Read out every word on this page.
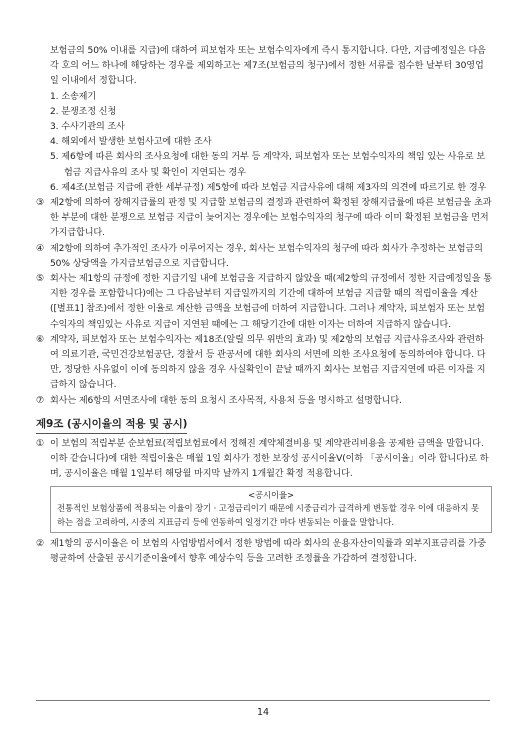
보험금의 50% 이내를 지급)에 대하여 피보험자 또는 보험수익자에게 즉시 통지합니다. 다만, 지급예정일은 다음 각 호의 어느 하나에 해당하는 경우를 제외하고는 제7조(보험금의 청구)에서 정한 서류를 접수한 날부터 30영업일 이내에서 정합니다.

1. 소송제기
2. 분쟁조정 신청
3. 수사기관의 조사
4. 해외에서 발생한 보험사고에 대한 조사
5. 제6항에 따른 회사의 조사요청에 대한 동의 거부 등 계약자, 피보험자 또는 보험수익자의 책임 있는 사유로 보험금 지급사유의 조사 및 확인이 지연되는 경우
6. 제4조(보험금 지급에 관한 세부규정) 제5항에 따라 보험금 지급사유에 대해 제3자의 의견에 따르기로 한 경우
③ 제2항에 의하여 장해지급률의 판정 및 지급할 보험금의 결정과 관련하여 확정된 장해지급률에 따른 보험금을 초과한 부분에 대한 분쟁으로 보험금 지급이 늦어지는 경우에는 보험수익자의 청구에 따라 이미 확정된 보험금을 먼저 가지급합니다.
④ 제2항에 의하여 추가적인 조사가 이루어지는 경우, 회사는 보험수익자의 청구에 따라 회사가 추정하는 보험금의 50% 상당액을 가지급보험금으로 지급합니다.
⑤ 회사는 제1항의 규정에 정한 지급기일 내에 보험금을 지급하지 않았을 때(제2항의 규정에서 정한 지급예정일을 통지한 경우를 포함합니다)에는 그 다음날부터 지급일까지의 기간에 대하여 보험금 지급할 때의 적립이율을 계산([별표1] 참조)에서 정한 이율로 계산한 금액을 보험금에 더하여 지급합니다. 그러나 계약자, 피보험자 또는 보험수익자의 책임있는 사유로 지급이 지연된 때에는 그 해당기간에 대한 이자는 더하여 지급하지 않습니다.
⑥ 계약자, 피보험자 또는 보험수익자는 제18조(알릴 의무 위반의 효과) 및 제2항의 보험금 지급사유조사와 관련하여 의료기관, 국민건강보험공단, 경찰서 등 관공서에 대한 회사의 서면에 의한 조사요청에 동의하여야 합니다. 다만, 정당한 사유없이 이에 동의하지 않을 경우 사실확인이 끝날 때까지 회사는 보험금 지급지연에 따른 이자를 지급하지 않습니다.
⑦ 회사는 제6항의 서면조사에 대한 동의 요청시 조사목적, 사용처 등을 명시하고 설명합니다.
제9조 (공시이율의 적용 및 공시)
① 이 보험의 적립부분 순보험료(적립보험료에서 정해진 계약체결비용 및 계약관리비용을 공제한 금액을 말합니다. 이하 같습니다)에 대한 적립이율은 매월 1일 회사가 정한 보장성 공시이율V(이하 「공시이율」이라 합니다)로 하며, 공시이율은 매월 1일부터 해당월 마지막 날까지 1개월간 확정 적용합니다.
<공시이율>
전통적인 보험상품에 적용되는 이율이 장기 · 고정금리이기 때문에 시중금리가 급격하게 변동할 경우 이에 대응하지 못하는 점을 고려하여, 시중의 지표금리 등에 연동하여 일정기간 마다 변동되는 이율을 말합니다.
② 제1항의 공시이율은 이 보험의 사업방법서에서 정한 방법에 따라 회사의 운용자산이익률과 외부지표금리를 가중평균하여 산출된 공시기준이율에서 향후 예상수익 등을 고려한 조정률을 가감하여 결정합니다.
14
